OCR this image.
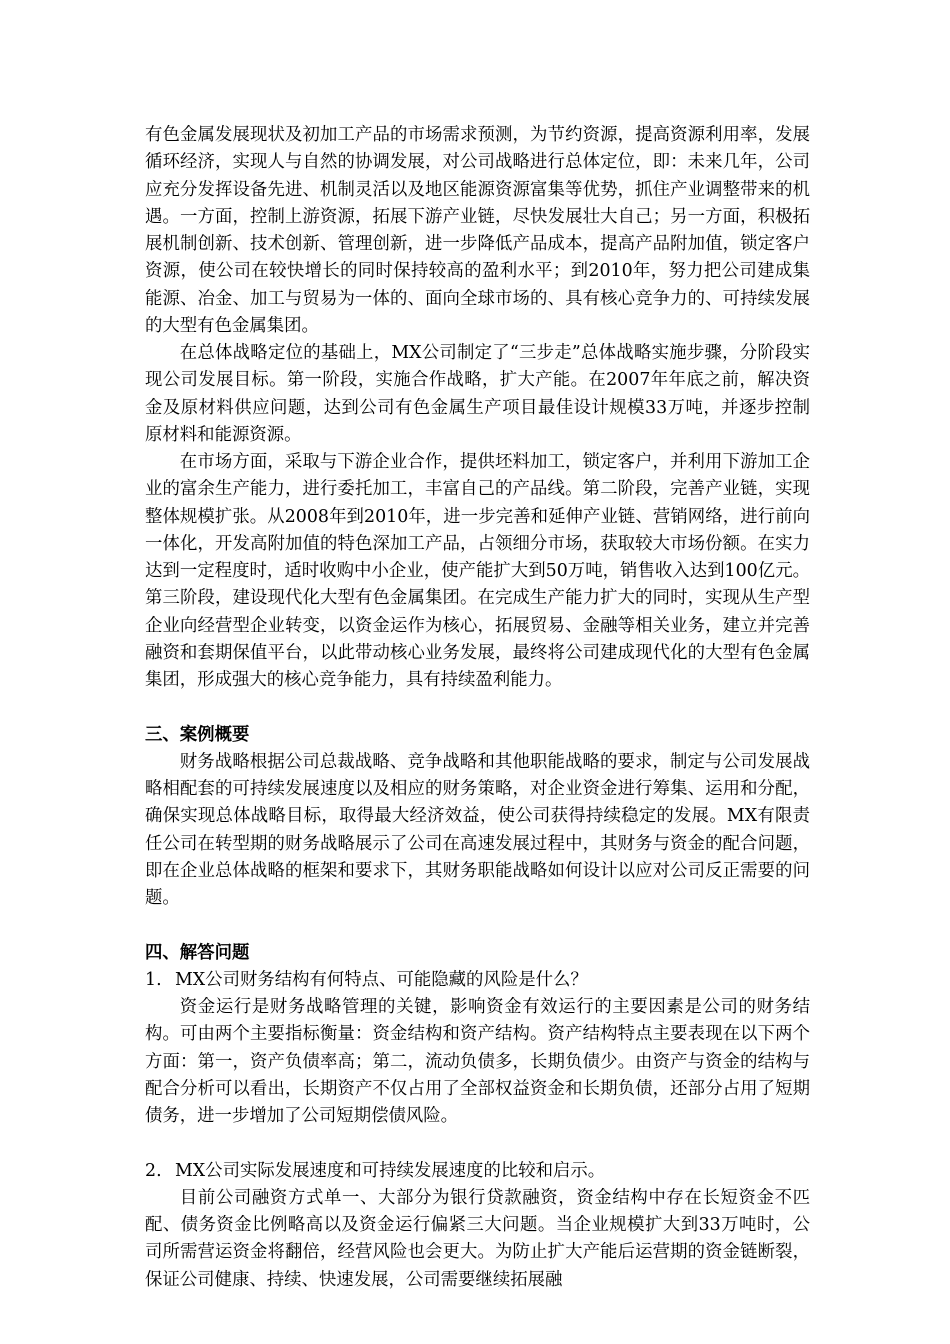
有色金属发展现状及初加工产品的市场需求预测，为节约资源，提高资源利用率，发展循环经济，实现人与自然的协调发展，对公司战略进行总体定位，即：未来几年，公司应充分发挥设备先进、机制灵活以及地区能源资源富集等优势，抓住产业调整带来的机遇。一方面，控制上游资源，拓展下游产业链，尽快发展壮大自己；另一方面，积极拓展机制创新、技术创新、管理创新，进一步降低产品成本，提高产品附加值，锁定客户资源，使公司在较快增长的同时保持较高的盈利水平；到2010年，努力把公司建成集能源、冶金、加工与贸易为一体的、面向全球市场的、具有核心竞争力的、可持续发展的大型有色金属集团。

在总体战略定位的基础上，MX公司制定了“三步走”总体战略实施步骤，分阶段实现公司发展目标。第一阶段，实施合作战略，扩大产能。在2007年年底之前，解决资金及原材料供应问题，达到公司有色金属生产项目最佳设计规模33万吨，并逐步控制原材料和能源资源。

在市场方面，采取与下游企业合作，提供坯料加工，锁定客户，并利用下游加工企业的富余生产能力，进行委托加工，丰富自己的产品线。第二阶段，完善产业链，实现整体规模扩张。从2008年到2010年，进一步完善和延伸产业链、营销网络，进行前向一体化，开发高附加值的特色深加工产品，占领细分市场，获取较大市场份额。在实力达到一定程度时，适时收购中小企业，使产能扩大到50万吨，销售收入达到100亿元。第三阶段，建设现代化大型有色金属集团。在完成生产能力扩大的同时，实现从生产型企业向经营型企业转变，以资金运作为核心，拓展贸易、金融等相关业务，建立并完善融资和套期保值平台，以此带动核心业务发展，最终将公司建成现代化的大型有色金属集团，形成强大的核心竞争能力，具有持续盈利能力。

三、案例概要

财务战略根据公司总裁战略、竞争战略和其他职能战略的要求，制定与公司发展战略相配套的可持续发展速度以及相应的财务策略，对企业资金进行筹集、运用和分配，确保实现总体战略目标，取得最大经济效益，使公司获得持续稳定的发展。MX有限责任公司在转型期的财务战略展示了公司在高速发展过程中，其财务与资金的配合问题，即在企业总体战略的框架和要求下，其财务职能战略如何设计以应对公司反正需要的问题。

四、解答问题

1. MX公司财务结构有何特点、可能隐藏的风险是什么？

资金运行是财务战略管理的关键，影响资金有效运行的主要因素是公司的财务结构。可由两个主要指标衡量：资金结构和资产结构。资产结构特点主要表现在以下两个方面：第一，资产负债率高；第二，流动负债多，长期负债少。由资产与资金的结构与配合分析可以看出，长期资产不仅占用了全部权益资金和长期负债，还部分占用了短期债务，进一步增加了公司短期偿债风险。

2. MX公司实际发展速度和可持续发展速度的比较和启示。

目前公司融资方式单一、大部分为银行贷款融资，资金结构中存在长短资金不匹配、债务资金比例略高以及资金运行偏紧三大问题。当企业规模扩大到33万吨时，公司所需营运资金将翻倍，经营风险也会更大。为防止扩大产能后运营期的资金链断裂，保证公司健康、持续、快速发展，公司需要继续拓展融
